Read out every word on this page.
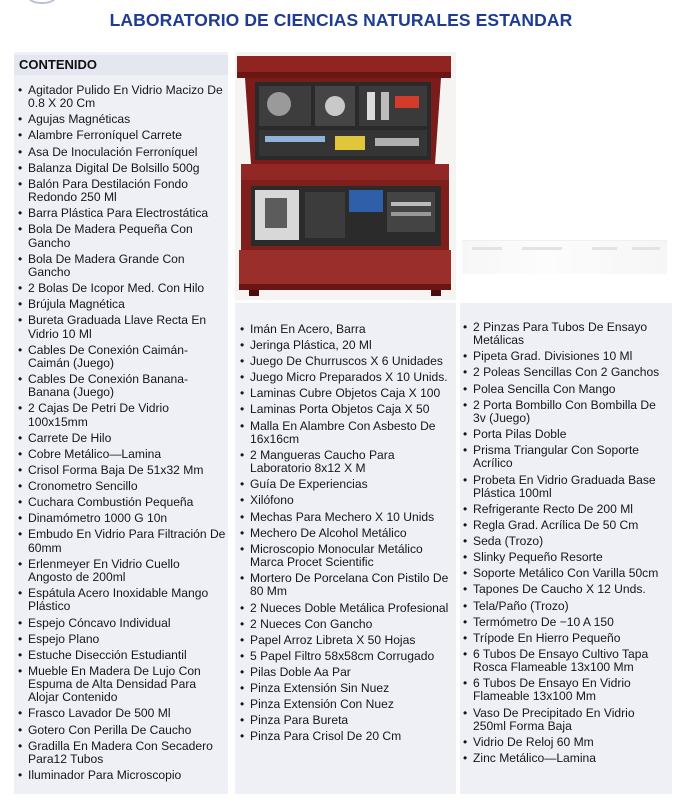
LABORATORIO DE CIENCIAS NATURALES ESTANDAR
• Agitador Pulido En Vidrio Macizo De 0.8 X 20 Cm
• Agujas Magnéticas
• Alambre Ferroníquel Carrete
• Asa De Inoculación Ferroníquel
• Balanza Digital De Bolsillo 500g
• Balón Para Destilación Fondo Redondo 250 Ml
• Barra Plástica Para Electrostática
• Bola De Madera Pequeña Con Gancho
• Bola De Madera Grande Con Gancho
• 2 Bolas De Icopor Med. Con Hilo
• Brújula Magnética
• Bureta Graduada Llave Recta En Vidrio 10 Ml
• Cables De Conexión Caimán-Caimán (Juego)
• Cables De Conexión Banana-Banana (Juego)
• 2 Cajas De Petri De Vidrio 100x15mm
• Carrete De Hilo
• Cobre Metálico—Lamina
• Crisol Forma Baja De 51x32 Mm
• Cronometro Sencillo
• Cuchara Combustión Pequeña
• Dinamómetro 1000 G 10n
• Embudo En Vidrio Para Filtración De 60mm
• Erlenmeyer En Vidrio Cuello Angosto de 200ml
• Espátula Acero Inoxidable Mango Plástico
• Espejo Cóncavo Individual
• Espejo Plano
• Estuche Disección Estudiantil
• Mueble En Madera De Lujo Con Espuma de Alta Densidad Para Alojar Contenido
• Frasco Lavador De 500 Ml
• Gotero Con Perilla De Caucho
• Gradilla En Madera Con Secadero Para12 Tubos
• Iluminador Para Microscopio
CONTENIDO
• Imán En Acero, Barra
• Jeringa Plástica, 20 Ml
• Juego De Churruscos X 6 Unidades
• Juego Micro Preparados X 10 Unids.
• Laminas Cubre Objetos Caja X 100
• Laminas Porta Objetos Caja X 50
• Malla En Alambre Con Asbesto De 16x16cm
• 2 Mangueras Caucho Para Laboratorio 8x12 X M
• Guía De Experiencias
• Xilófono
• Mechas Para Mechero X 10 Unids
• Mechero De Alcohol Metálico
• Microscopio Monocular Metálico Marca Procet Scientific
• Mortero De Porcelana Con Pistilo De 80 Mm
• 2 Nueces Doble Metálica Profesional
• 2 Nueces Con Gancho
• Papel Arroz Libreta X 50 Hojas
• 5 Papel Filtro 58x58cm Corrugado
• Pilas Doble Aa Par
• Pinza Extensión Sin Nuez
• Pinza Extensión Con Nuez
• Pinza Para Bureta
• Pinza Para Crisol De 20 Cm
• 2 Pinzas Para Tubos De Ensayo Metálicas
• Pipeta Grad. Divisiones 10 Ml
• 2 Poleas Sencillas Con 2 Ganchos
• Polea Sencilla Con Mango
• 2 Porta Bombillo Con Bombilla De 3v (Juego)
• Porta Pilas Doble
• Prisma Triangular Con Soporte Acrílico
• Probeta En Vidrio Graduada Base Plástica 100ml
• Refrigerante Recto De 200 Ml
• Regla Grad. Acrílica De 50 Cm
• Seda (Trozo)
• Slinky Pequeño Resorte
• Soporte Metálico Con Varilla 50cm
• Tapones De Caucho X 12 Unds.
• Tela/Paño (Trozo)
• Termómetro De −10 A 150
• Trípode En Hierro Pequeño
• 6 Tubos De Ensayo Cultivo Tapa Rosca Flameable 13x100 Mm
• 6 Tubos De Ensayo En Vidrio Flameable 13x100 Mm
• Vaso De Precipitado En Vidrio 250ml Forma Baja
• Vidrio De Reloj 60 Mm
• Zinc Metálico—Lamina
